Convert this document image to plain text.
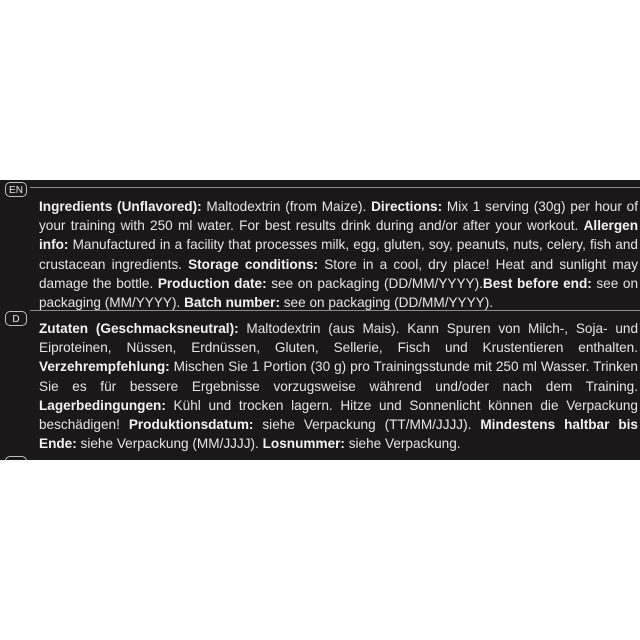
EN

Ingredients (Unflavored): Maltodextrin (from Maize). Directions: Mix 1 serving (30g) per hour of your training with 250 ml water. For best results drink during and/or after your workout. Allergen info: Manufactured in a facility that processes milk, egg, gluten, soy, peanuts, nuts, celery, fish and crustacean ingredients. Storage conditions: Store in a cool, dry place! Heat and sunlight may damage the bottle. Production date: see on packaging (DD/MM/YYYY).Best before end: see on packaging (MM/YYYY). Batch number: see on packaging (DD/MM/YYYY).

D

Zutaten (Geschmacksneutral): Maltodextrin (aus Mais). Kann Spuren von Milch-, Soja- und Eiproteinen, Nüssen, Erdnüssen, Gluten, Sellerie, Fisch und Krustentieren enthalten. Verzehrempfehlung: Mischen Sie 1 Portion (30 g) pro Trainingsstunde mit 250 ml Wasser. Trinken Sie es für bessere Ergebnisse vorzugsweise während und/oder nach dem Training. Lagerbedingungen: Kühl und trocken lagern. Hitze und Sonnenlicht können die Verpackung beschädigen! Produktionsdatum: siehe Verpackung (TT/MM/JJJJ). Mindestens haltbar bis Ende: siehe Verpackung (MM/JJJJ). Losnummer: siehe Verpackung.
